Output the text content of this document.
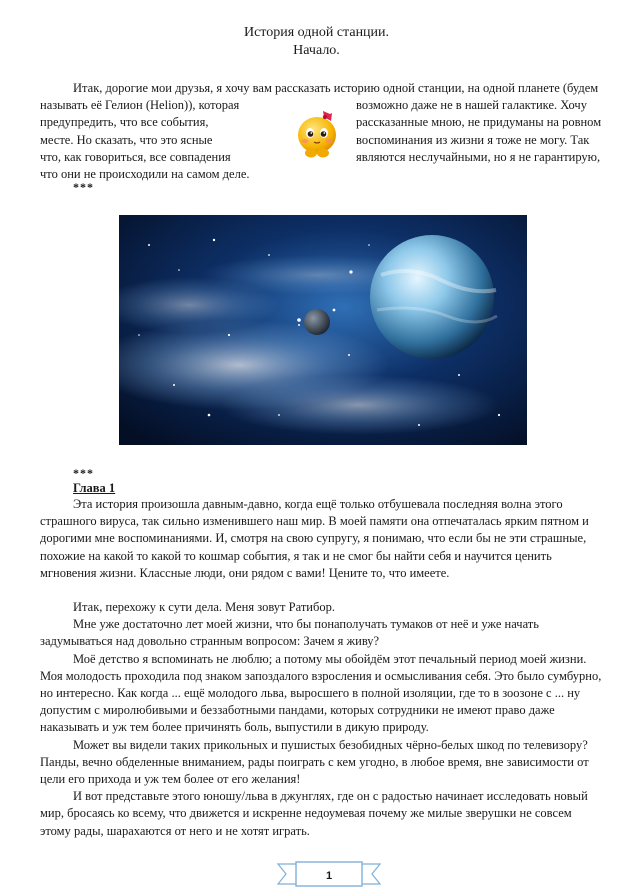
История одной станции.
Начало.
Итак, дорогие мои друзья, я хочу вам рассказать историю одной станции, на одной планете (будем
называть её Гелион (Helion)), которая
предупредить, что все события,
месте. Но сказать, что это ясные
что, как говориться, все совпадения
что они не происходили на самом деле.
возможно даже не в нашей галактике. Хочу
рассказанные мною, не придуманы на ровном
воспоминания из жизни я тоже не могу. Так
являются неслучайными, но я не гарантирую,
***
***
Глава 1

Эта история произошла давным-давно, когда ещё только отбушевала последняя волна этого страшного вируса, так сильно изменившего наш мир. В моей памяти она отпечаталась ярким пятном и дорогими мне воспоминаниями. И, смотря на свою супругу, я понимаю, что если бы не эти страшные, похожие на какой то какой то кошмар события, я так и не смог бы найти себя и научится ценить мгновения жизни. Классные люди, они рядом с вами! Цените то, что имеете.

Итак, перехожу к сути дела. Меня зовут Ратибор.

Мне уже достаточно лет моей жизни, что бы понаполучать тумаков от неё и уже начать задумываться над довольно странным вопросом: Зачем я живу?

Моё детство я вспоминать не люблю; а потому мы обойдём этот печальный период моей жизни. Моя молодость проходила под знаком запоздалого взросления и осмысливания себя. Это было сумбурно, но интересно. Как когда ... ещё молодого льва, выросшего в полной изоляции, где то в зоозоне с ... ну допустим с миролюбивыми и беззаботными пандами, которых сотрудники не имеют право даже наказывать и уж тем более причинять боль, выпустили в дикую природу.

Может вы видели таких прикольных и пушистых безобидных чёрно-белых шкод по телевизору? Панды, вечно обделенные вниманием, рады поиграть с кем угодно, в любое время, вне зависимости от цели его прихода и уж тем более от его желания!

И вот представьте этого юношу/льва в джунглях, где он с радостью начинает исследовать новый мир, бросаясь ко всему, что движется и искренне недоумевая почему же милые зверушки не совсем этому рады, шарахаются от него и не хотят играть.

1
